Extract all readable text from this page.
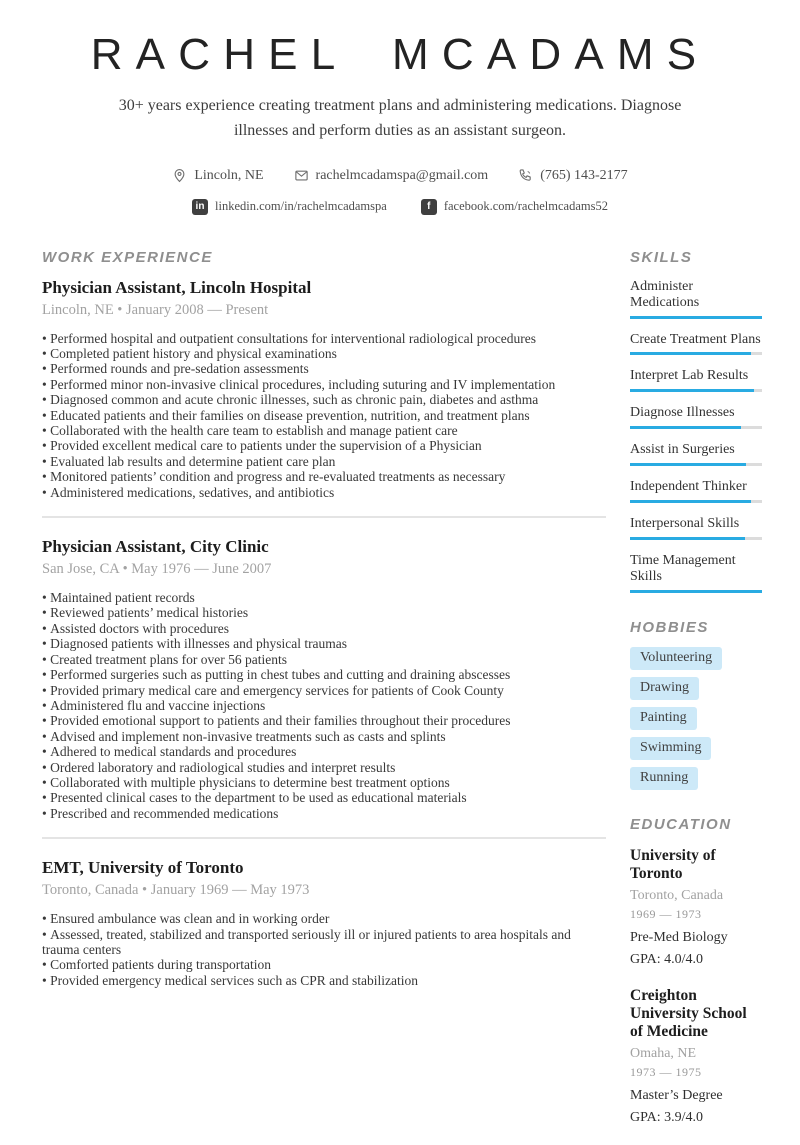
RACHEL MCADAMS

30+ years experience creating treatment plans and administering medications. Diagnose illnesses and perform duties as an assistant surgeon.

Lincoln, NE	rachelmcadamspa@gmail.com	(765) 143-2177
in linkedin.com/in/rachelmcadamspa	f	facebook.com/rachelmcadams52
WORK EXPERIENCE
Physician Assistant, Lincoln Hospital
Lincoln, NE • January 2008 — Present
• Performed hospital and outpatient consultations for interventional radiological procedures
• Completed patient history and physical examinations
• Performed rounds and pre-sedation assessments
• Performed minor non-invasive clinical procedures, including suturing and IV implementation
• Diagnosed common and acute chronic illnesses, such as chronic pain, diabetes and asthma
• Educated patients and their families on disease prevention, nutrition, and treatment plans
• Collaborated with the health care team to establish and manage patient care
• Provided excellent medical care to patients under the supervision of a Physician
• Evaluated lab results and determine patient care plan
• Monitored patients’ condition and progress and re-evaluated treatments as necessary
• Administered medications, sedatives, and antibiotics
Physician Assistant, City Clinic
San Jose, CA • May 1976 — June 2007
• Maintained patient records
• Reviewed patients’ medical histories
• Assisted doctors with procedures
• Diagnosed patients with illnesses and physical traumas
• Created treatment plans for over 56 patients
• Performed surgeries such as putting in chest tubes and cutting and draining abscesses
• Provided primary medical care and emergency services for patients of Cook County
• Administered flu and vaccine injections
• Provided emotional support to patients and their families throughout their procedures
• Advised and implement non-invasive treatments such as casts and splints
• Adhered to medical standards and procedures
• Ordered laboratory and radiological studies and interpret results
• Collaborated with multiple physicians to determine best treatment options
• Presented clinical cases to the department to be used as educational materials
• Prescribed and recommended medications
EMT, University of Toronto
Toronto, Canada • January 1969 — May 1973
• Ensured ambulance was clean and in working order
• Assessed, treated, stabilized and transported seriously ill or injured patients to area hospitals and trauma centers
• Comforted patients during transportation
• Provided emergency medical services such as CPR and stabilization
SKILLS
Administer Medications
Create Treatment Plans
Interpret Lab Results
Diagnose Illnesses
Assist in Surgeries
Independent Thinker
Interpersonal Skills
Time Management Skills
HOBBIES
Volunteering
Drawing
Painting
Swimming
Running
EDUCATION
University of Toronto
Toronto, Canada
1969 — 1973
Pre-Med Biology
GPA: 4.0/4.0
Creighton University School of Medicine
Omaha, NE
1973 — 1975
Master’s Degree
GPA: 3.9/4.0
